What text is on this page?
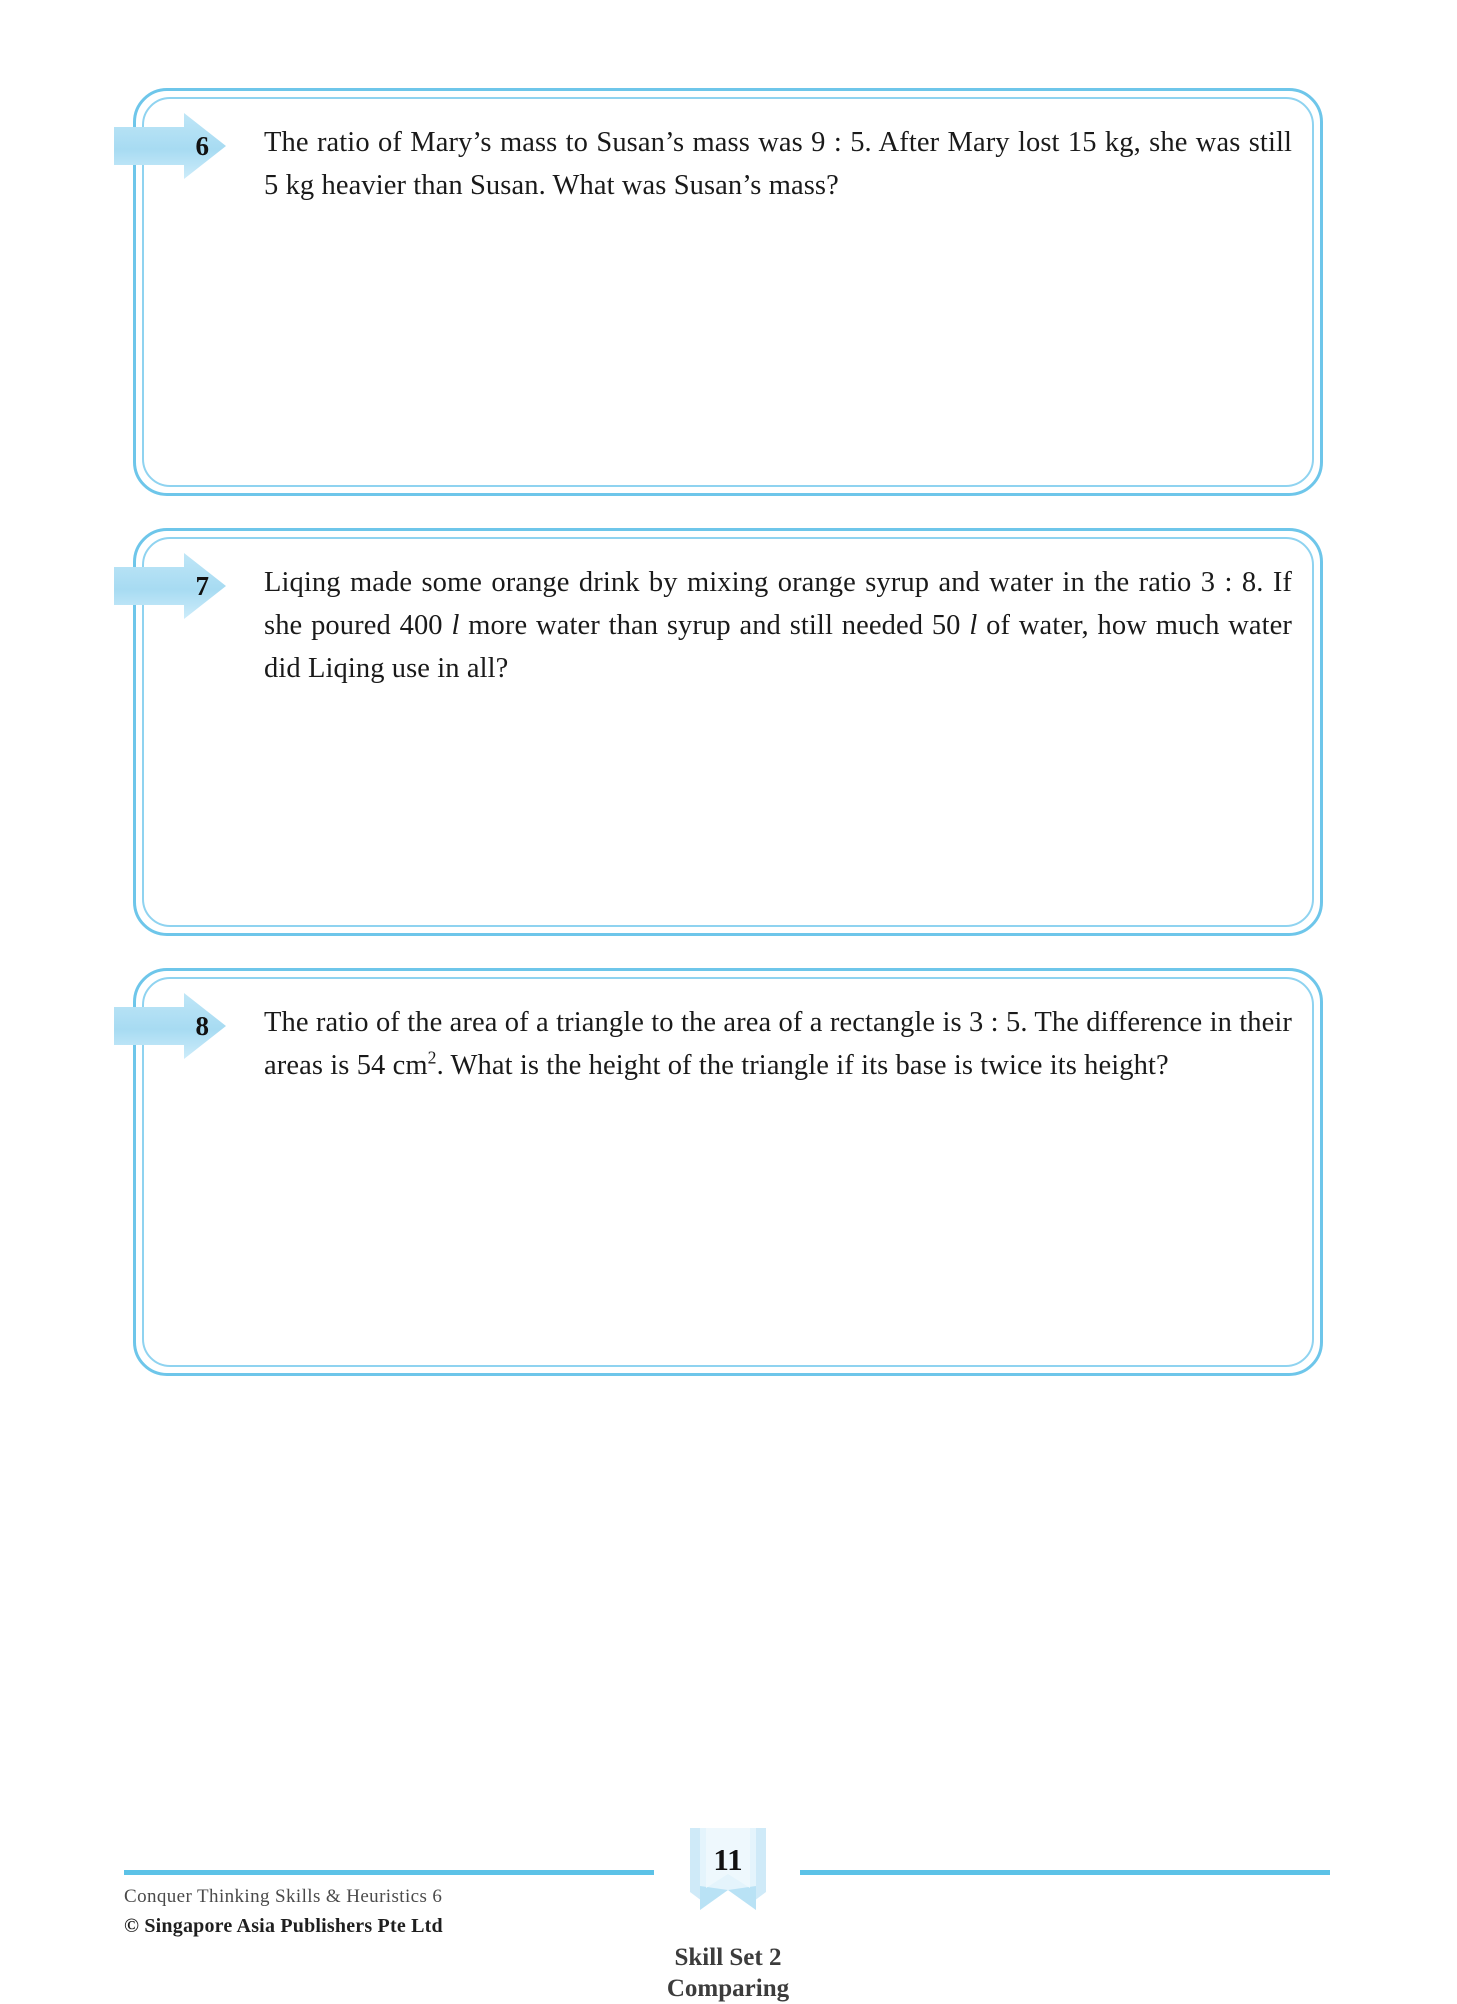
6 The ratio of Mary’s mass to Susan’s mass was 9 : 5. After Mary lost 15 kg, she was still 5 kg heavier than Susan. What was Susan’s mass?
7 Liqing made some orange drink by mixing orange syrup and water in the ratio 3 : 8. If she poured 400 l more water than syrup and still needed 50 l of water, how much water did Liqing use in all?
8 The ratio of the area of a triangle to the area of a rectangle is 3 : 5. The difference in their areas is 54 $cm^2$. What is the height of the triangle if its base is twice its height?
11
Skill Set 2
Comparing
Conquer Thinking Skills & Heuristics 6
© Singapore Asia Publishers Pte Ltd
